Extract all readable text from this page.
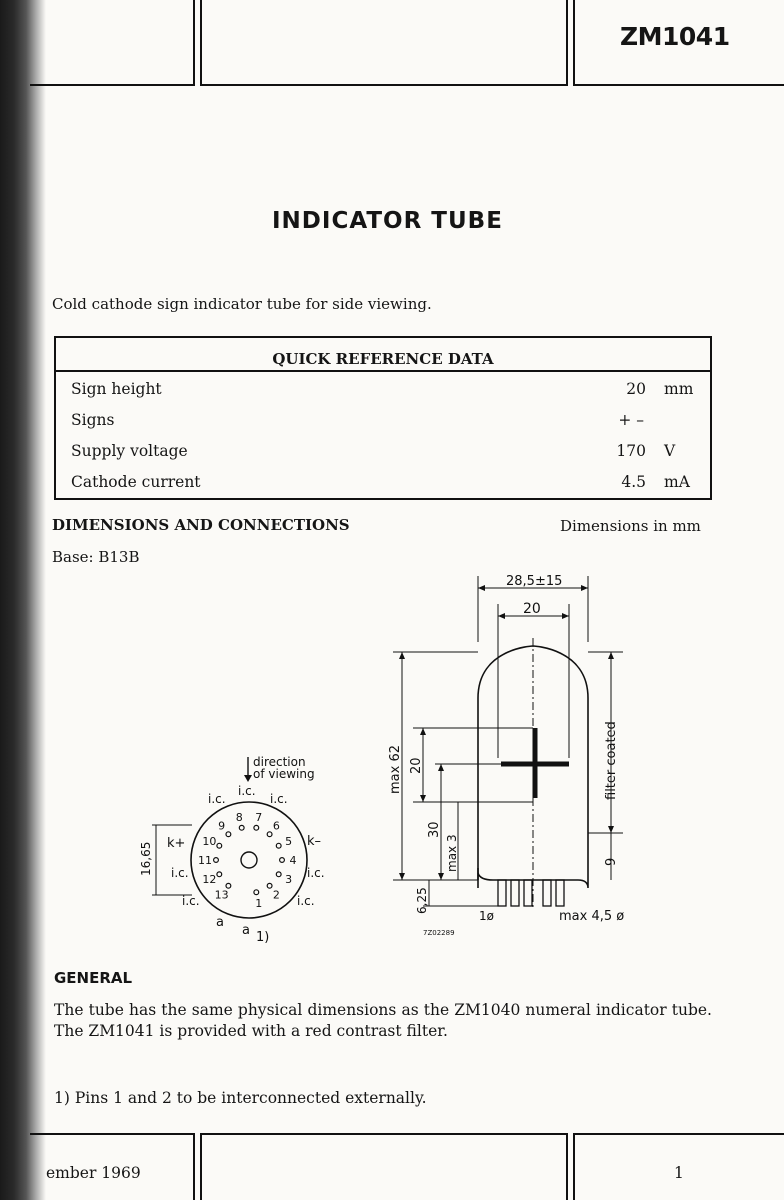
ZM1041
INDICATOR TUBE
Cold cathode sign indicator tube for side viewing.
QUICK REFERENCE DATA
Sign height	20 mm
Signs	+ –
Supply voltage	170 V
Cathode current	4.5 mA
DIMENSIONS AND CONNECTIONS	Dimensions in mm
Base: B13B
direction
of viewing
16,65
1
2
3
4
5
6
7
8
9
10
11
12
13
i.c.
i.c.	i.c.
k+	k–
i.c.	i.c.
i.c.	i.c.
a
a 1)
28,5±15
20
max 62 20
30
max 3
6,25
filter coated
9
1ø	max 4,5 ø
7Z02289
GENERAL
The tube has the same physical dimensions as the ZM1040 numeral indicator tube. The ZM1041 is provided with a red contrast filter.
1) Pins 1 and 2 to be interconnected externally.
ember 1969	1
